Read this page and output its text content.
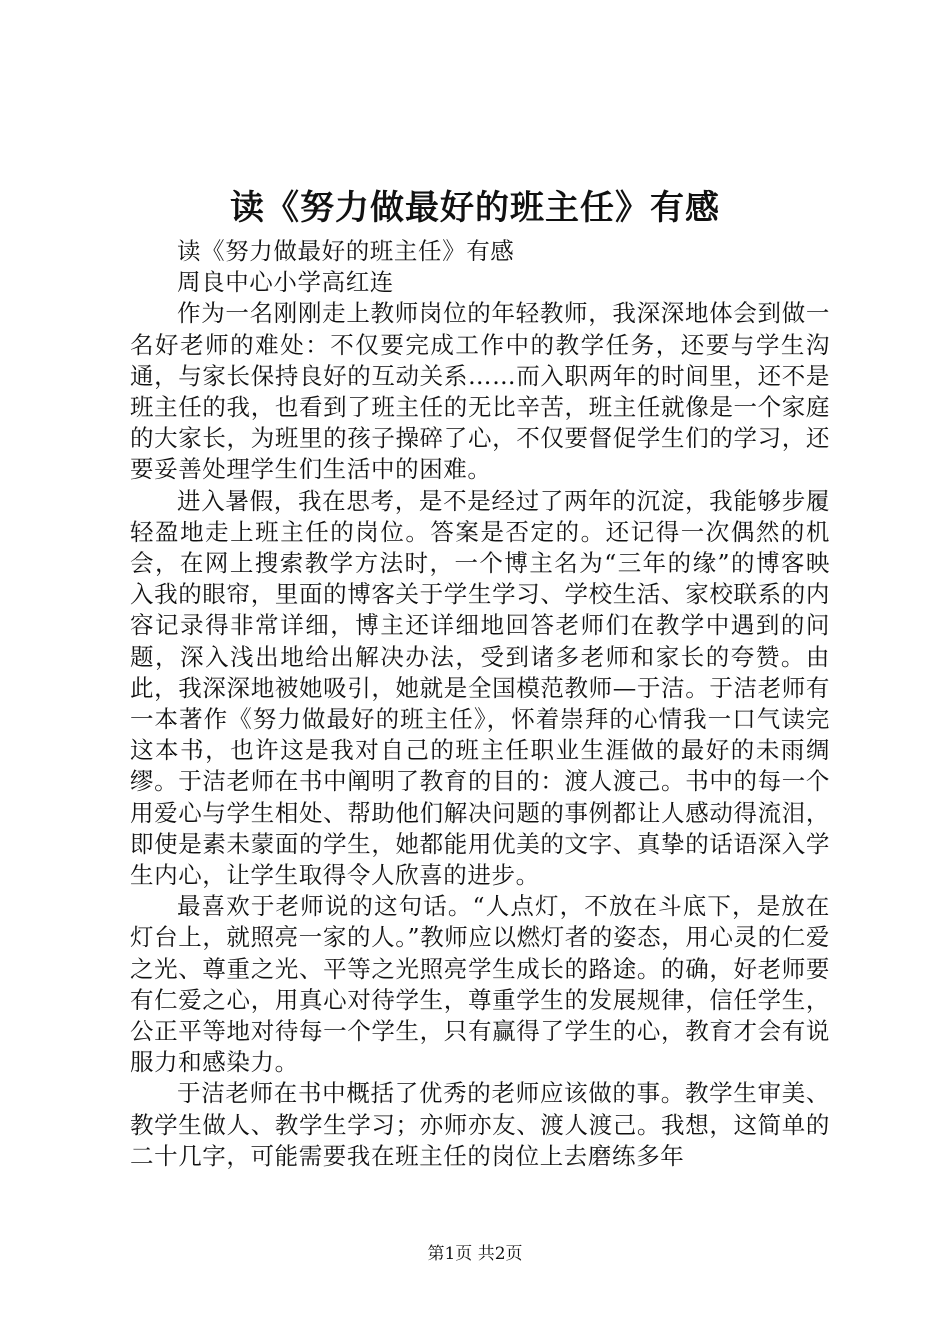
读《努力做最好的班主任》有感

读《努力做最好的班主任》有感

周良中心小学高红连

作为一名刚刚走上教师岗位的年轻教师，我深深地体会到做一名好老师的难处：不仅要完成工作中的教学任务，还要与学生沟通，与家长保持良好的互动关系……而入职两年的时间里，还不是班主任的我，也看到了班主任的无比辛苦，班主任就像是一个家庭的大家长，为班里的孩子操碎了心，不仅要督促学生们的学习，还要妥善处理学生们生活中的困难。

进入暑假，我在思考，是不是经过了两年的沉淀，我能够步履轻盈地走上班主任的岗位。答案是否定的。还记得一次偶然的机会，在网上搜索教学方法时，一个博主名为“三年的缘”的博客映入我的眼帘，里面的博客关于学生学习、学校生活、家校联系的内容记录得非常详细，博主还详细地回答老师们在教学中遇到的问题，深入浅出地给出解决办法，受到诸多老师和家长的夸赞。由此，我深深地被她吸引，她就是全国模范教师—于洁。于洁老师有一本著作《努力做最好的班主任》，怀着崇拜的心情我一口气读完这本书，也许这是我对自己的班主任职业生涯做的最好的未雨绸缪。于洁老师在书中阐明了教育的目的：渡人渡己。书中的每一个用爱心与学生相处、帮助他们解决问题的事例都让人感动得流泪，即使是素未蒙面的学生，她都能用优美的文字、真挚的话语深入学生内心，让学生取得令人欣喜的进步。

最喜欢于老师说的这句话。“人点灯，不放在斗底下，是放在灯台上，就照亮一家的人。”教师应以燃灯者的姿态，用心灵的仁爱之光、尊重之光、平等之光照亮学生成长的路途。的确，好老师要有仁爱之心，用真心对待学生，尊重学生的发展规律，信任学生，公正平等地对待每一个学生，只有赢得了学生的心，教育才会有说服力和感染力。

于洁老师在书中概括了优秀的老师应该做的事。教学生审美、教学生做人、教学生学习；亦师亦友、渡人渡己。我想，这简单的二十几字，可能需要我在班主任的岗位上去磨练多年

第1页 共2页
